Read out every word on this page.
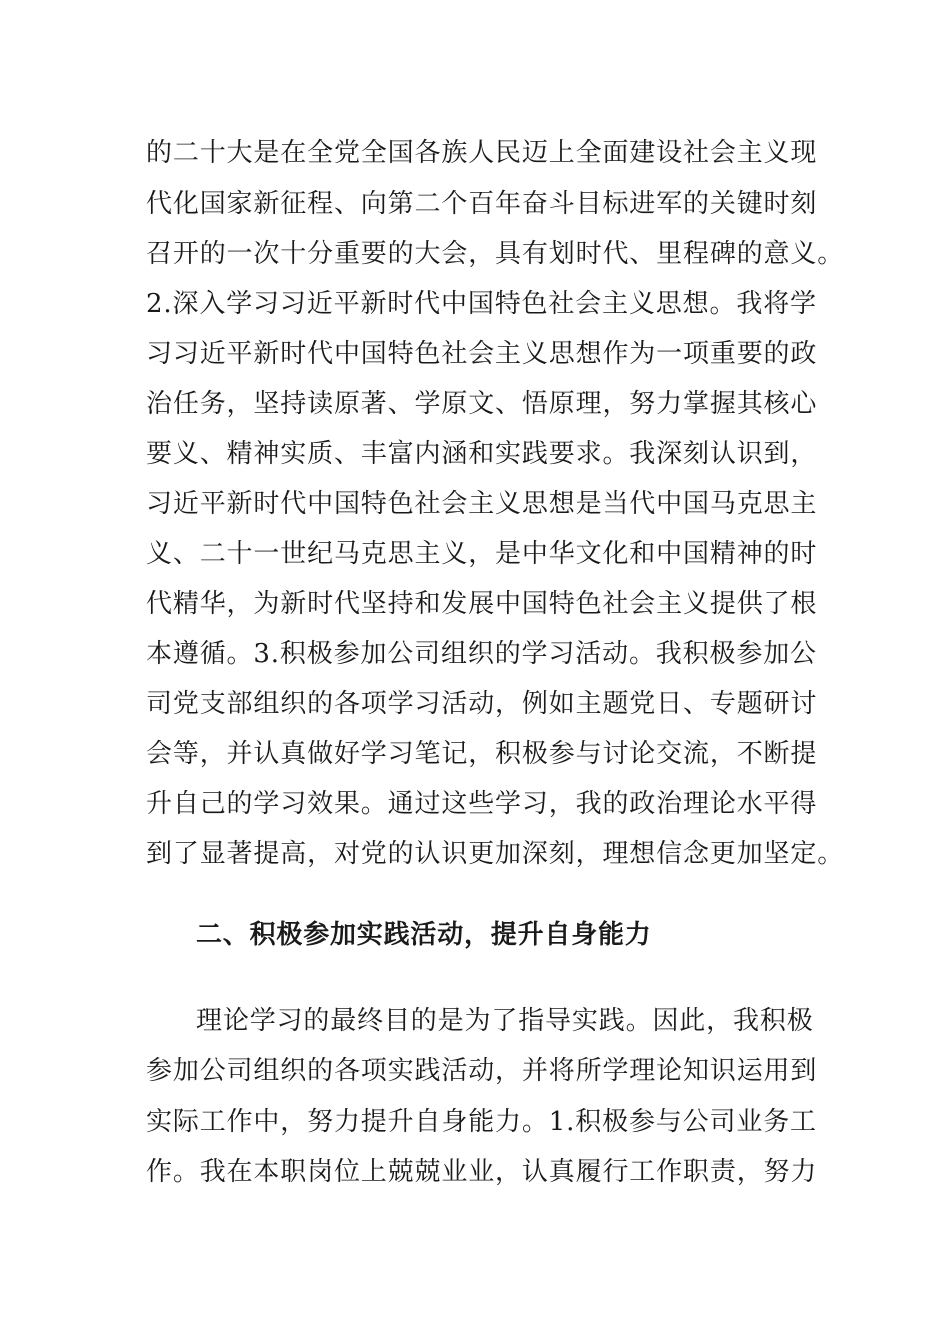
的二十大是在全党全国各族人民迈上全面建设社会主义现
代化国家新征程、向第二个百年奋斗目标进军的关键时刻
召开的一次十分重要的大会，具有划时代、里程碑的意义。
2.深入学习习近平新时代中国特色社会主义思想。我将学
习习近平新时代中国特色社会主义思想作为一项重要的政
治任务，坚持读原著、学原文、悟原理，努力掌握其核心
要义、精神实质、丰富内涵和实践要求。我深刻认识到，
习近平新时代中国特色社会主义思想是当代中国马克思主
义、二十一世纪马克思主义，是中华文化和中国精神的时
代精华，为新时代坚持和发展中国特色社会主义提供了根
本遵循。3.积极参加公司组织的学习活动。我积极参加公
司党支部组织的各项学习活动，例如主题党日、专题研讨
会等，并认真做好学习笔记，积极参与讨论交流，不断提
升自己的学习效果。通过这些学习，我的政治理论水平得
到了显著提高，对党的认识更加深刻，理想信念更加坚定。
二、积极参加实践活动，提升自身能力
理论学习的最终目的是为了指导实践。因此，我积极
参加公司组织的各项实践活动，并将所学理论知识运用到
实际工作中，努力提升自身能力。1.积极参与公司业务工
作。我在本职岗位上兢兢业业，认真履行工作职责，努力
